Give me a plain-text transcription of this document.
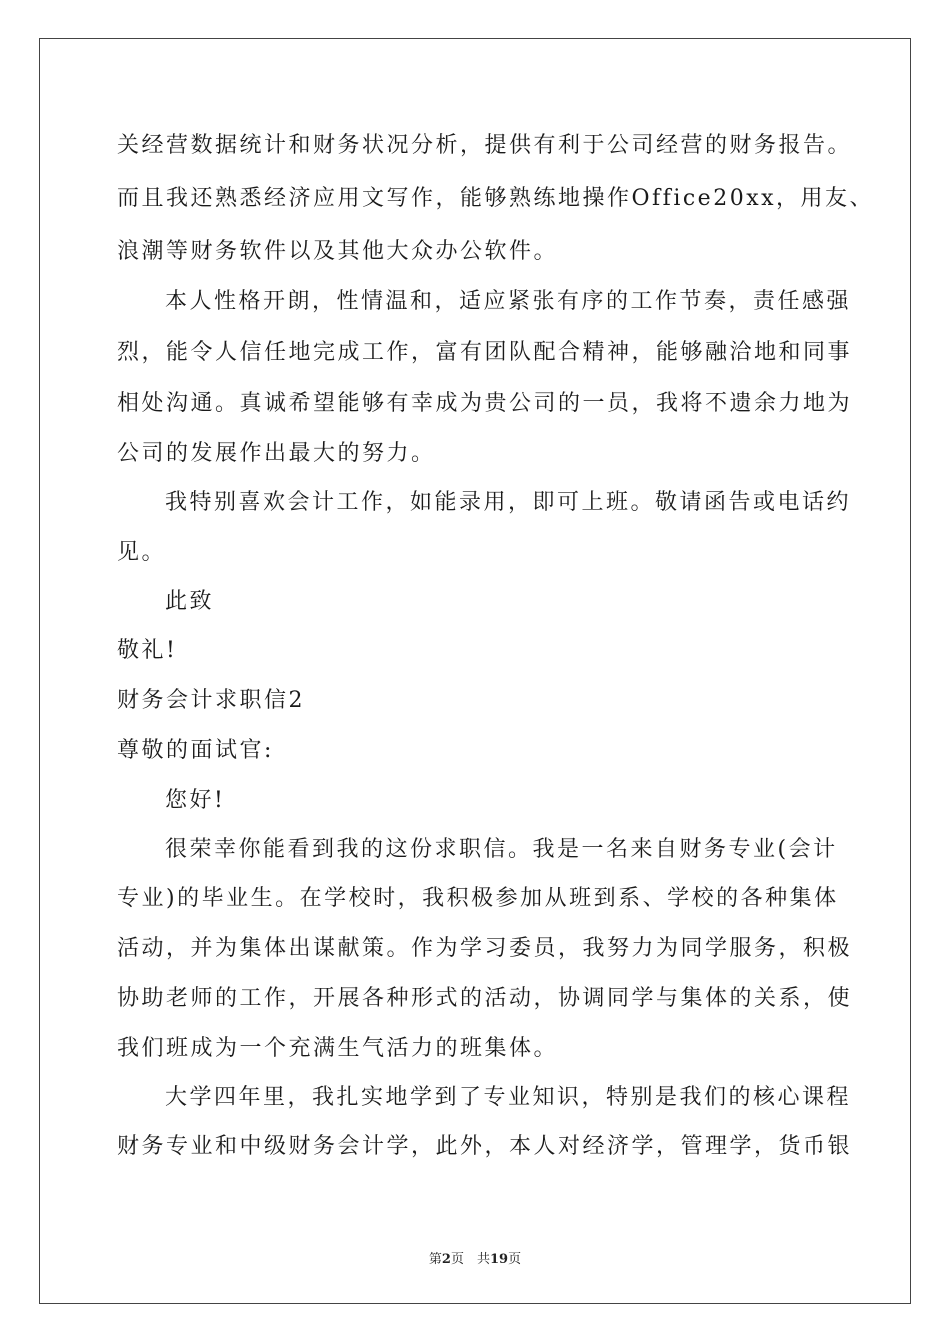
关经营数据统计和财务状况分析，提供有利于公司经营的财务报告。
而且我还熟悉经济应用文写作，能够熟练地操作Office20xx，用友、
浪潮等财务软件以及其他大众办公软件。
本人性格开朗，性情温和，适应紧张有序的工作节奏，责任感强
烈，能令人信任地完成工作，富有团队配合精神，能够融洽地和同事
相处沟通。真诚希望能够有幸成为贵公司的一员，我将不遗余力地为
公司的发展作出最大的努力。
我特别喜欢会计工作，如能录用，即可上班。敬请函告或电话约
见。
此致
敬礼!
财务会计求职信2
尊敬的面试官:
您好!
很荣幸你能看到我的这份求职信。我是一名来自财务专业(会计
专业)的毕业生。在学校时，我积极参加从班到系、学校的各种集体
活动，并为集体出谋献策。作为学习委员，我努力为同学服务，积极
协助老师的工作，开展各种形式的活动，协调同学与集体的关系，使
我们班成为一个充满生气活力的班集体。
大学四年里，我扎实地学到了专业知识，特别是我们的核心课程
财务专业和中级财务会计学，此外，本人对经济学，管理学，货币银
第2页　共19页
